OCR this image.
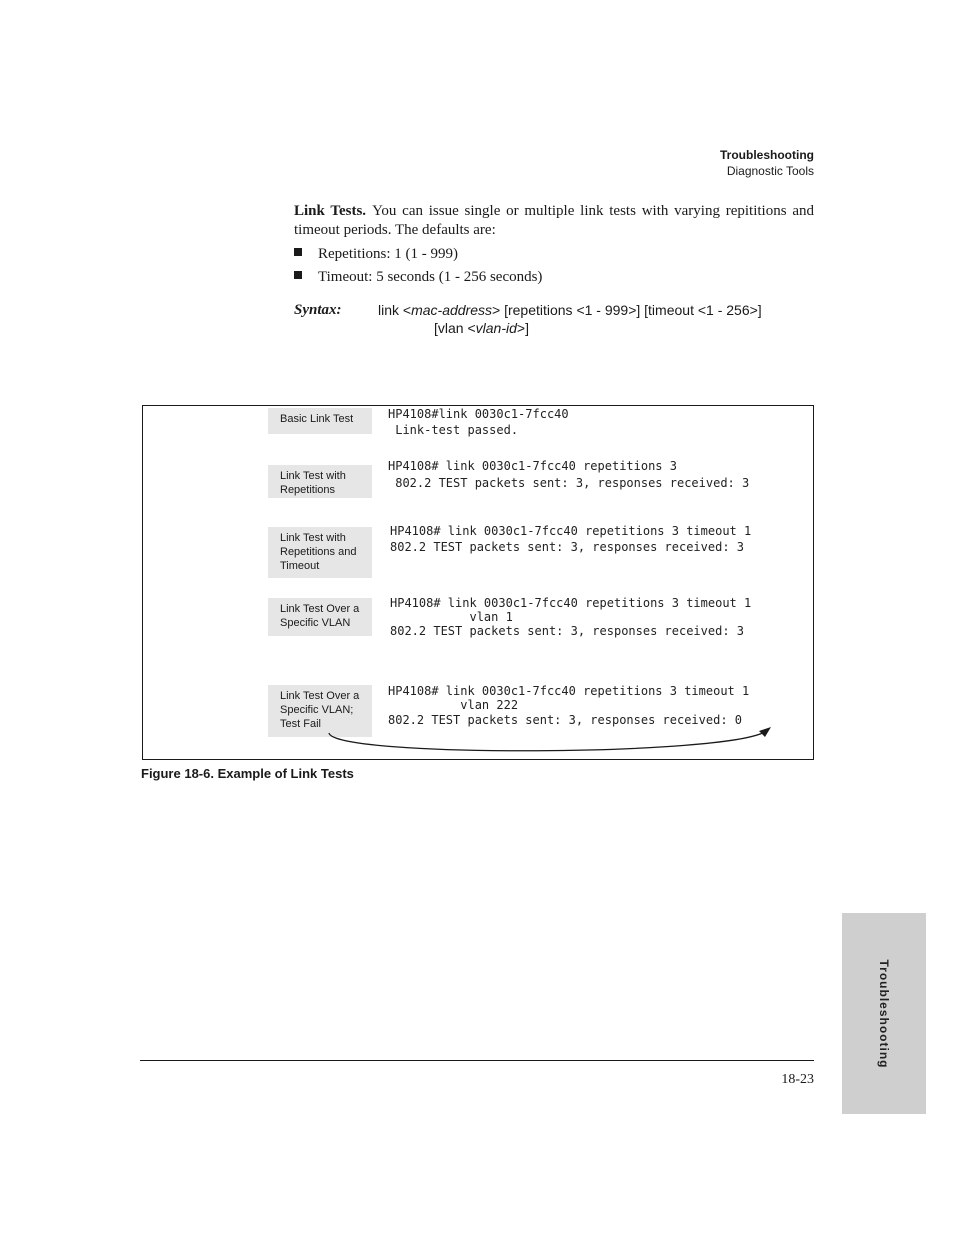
Troubleshooting
Diagnostic Tools
Link Tests. You can issue single or multiple link tests with varying repititions and timeout periods. The defaults are:
Repetitions: 1 (1 - 999)
Timeout: 5 seconds (1 - 256 seconds)
Syntax:	link <mac-address> [repetitions <1 - 999>] [timeout <1 - 256>]
[vlan <vlan-id>]
Basic Link Test
Link Test with Repetitions
Link Test with Repetitions and Timeout
Link Test Over a Specific VLAN
Link Test Over a Specific VLAN; Test Fail
HP4108#link 0030c1-7fcc40
Link-test passed.
HP4108# link 0030c1-7fcc40 repetitions 3
802.2 TEST packets sent: 3, responses received: 3
HP4108# link 0030c1-7fcc40 repetitions 3 timeout 1
802.2 TEST packets sent: 3, responses received: 3
HP4108# link 0030c1-7fcc40 repetitions 3 timeout 1
vlan 1
802.2 TEST packets sent: 3, responses received: 3
HP4108# link 0030c1-7fcc40 repetitions 3 timeout 1
vlan 222
802.2 TEST packets sent: 3, responses received: 0
Figure 18-6. Example of Link Tests
18-23
Troubleshooting
